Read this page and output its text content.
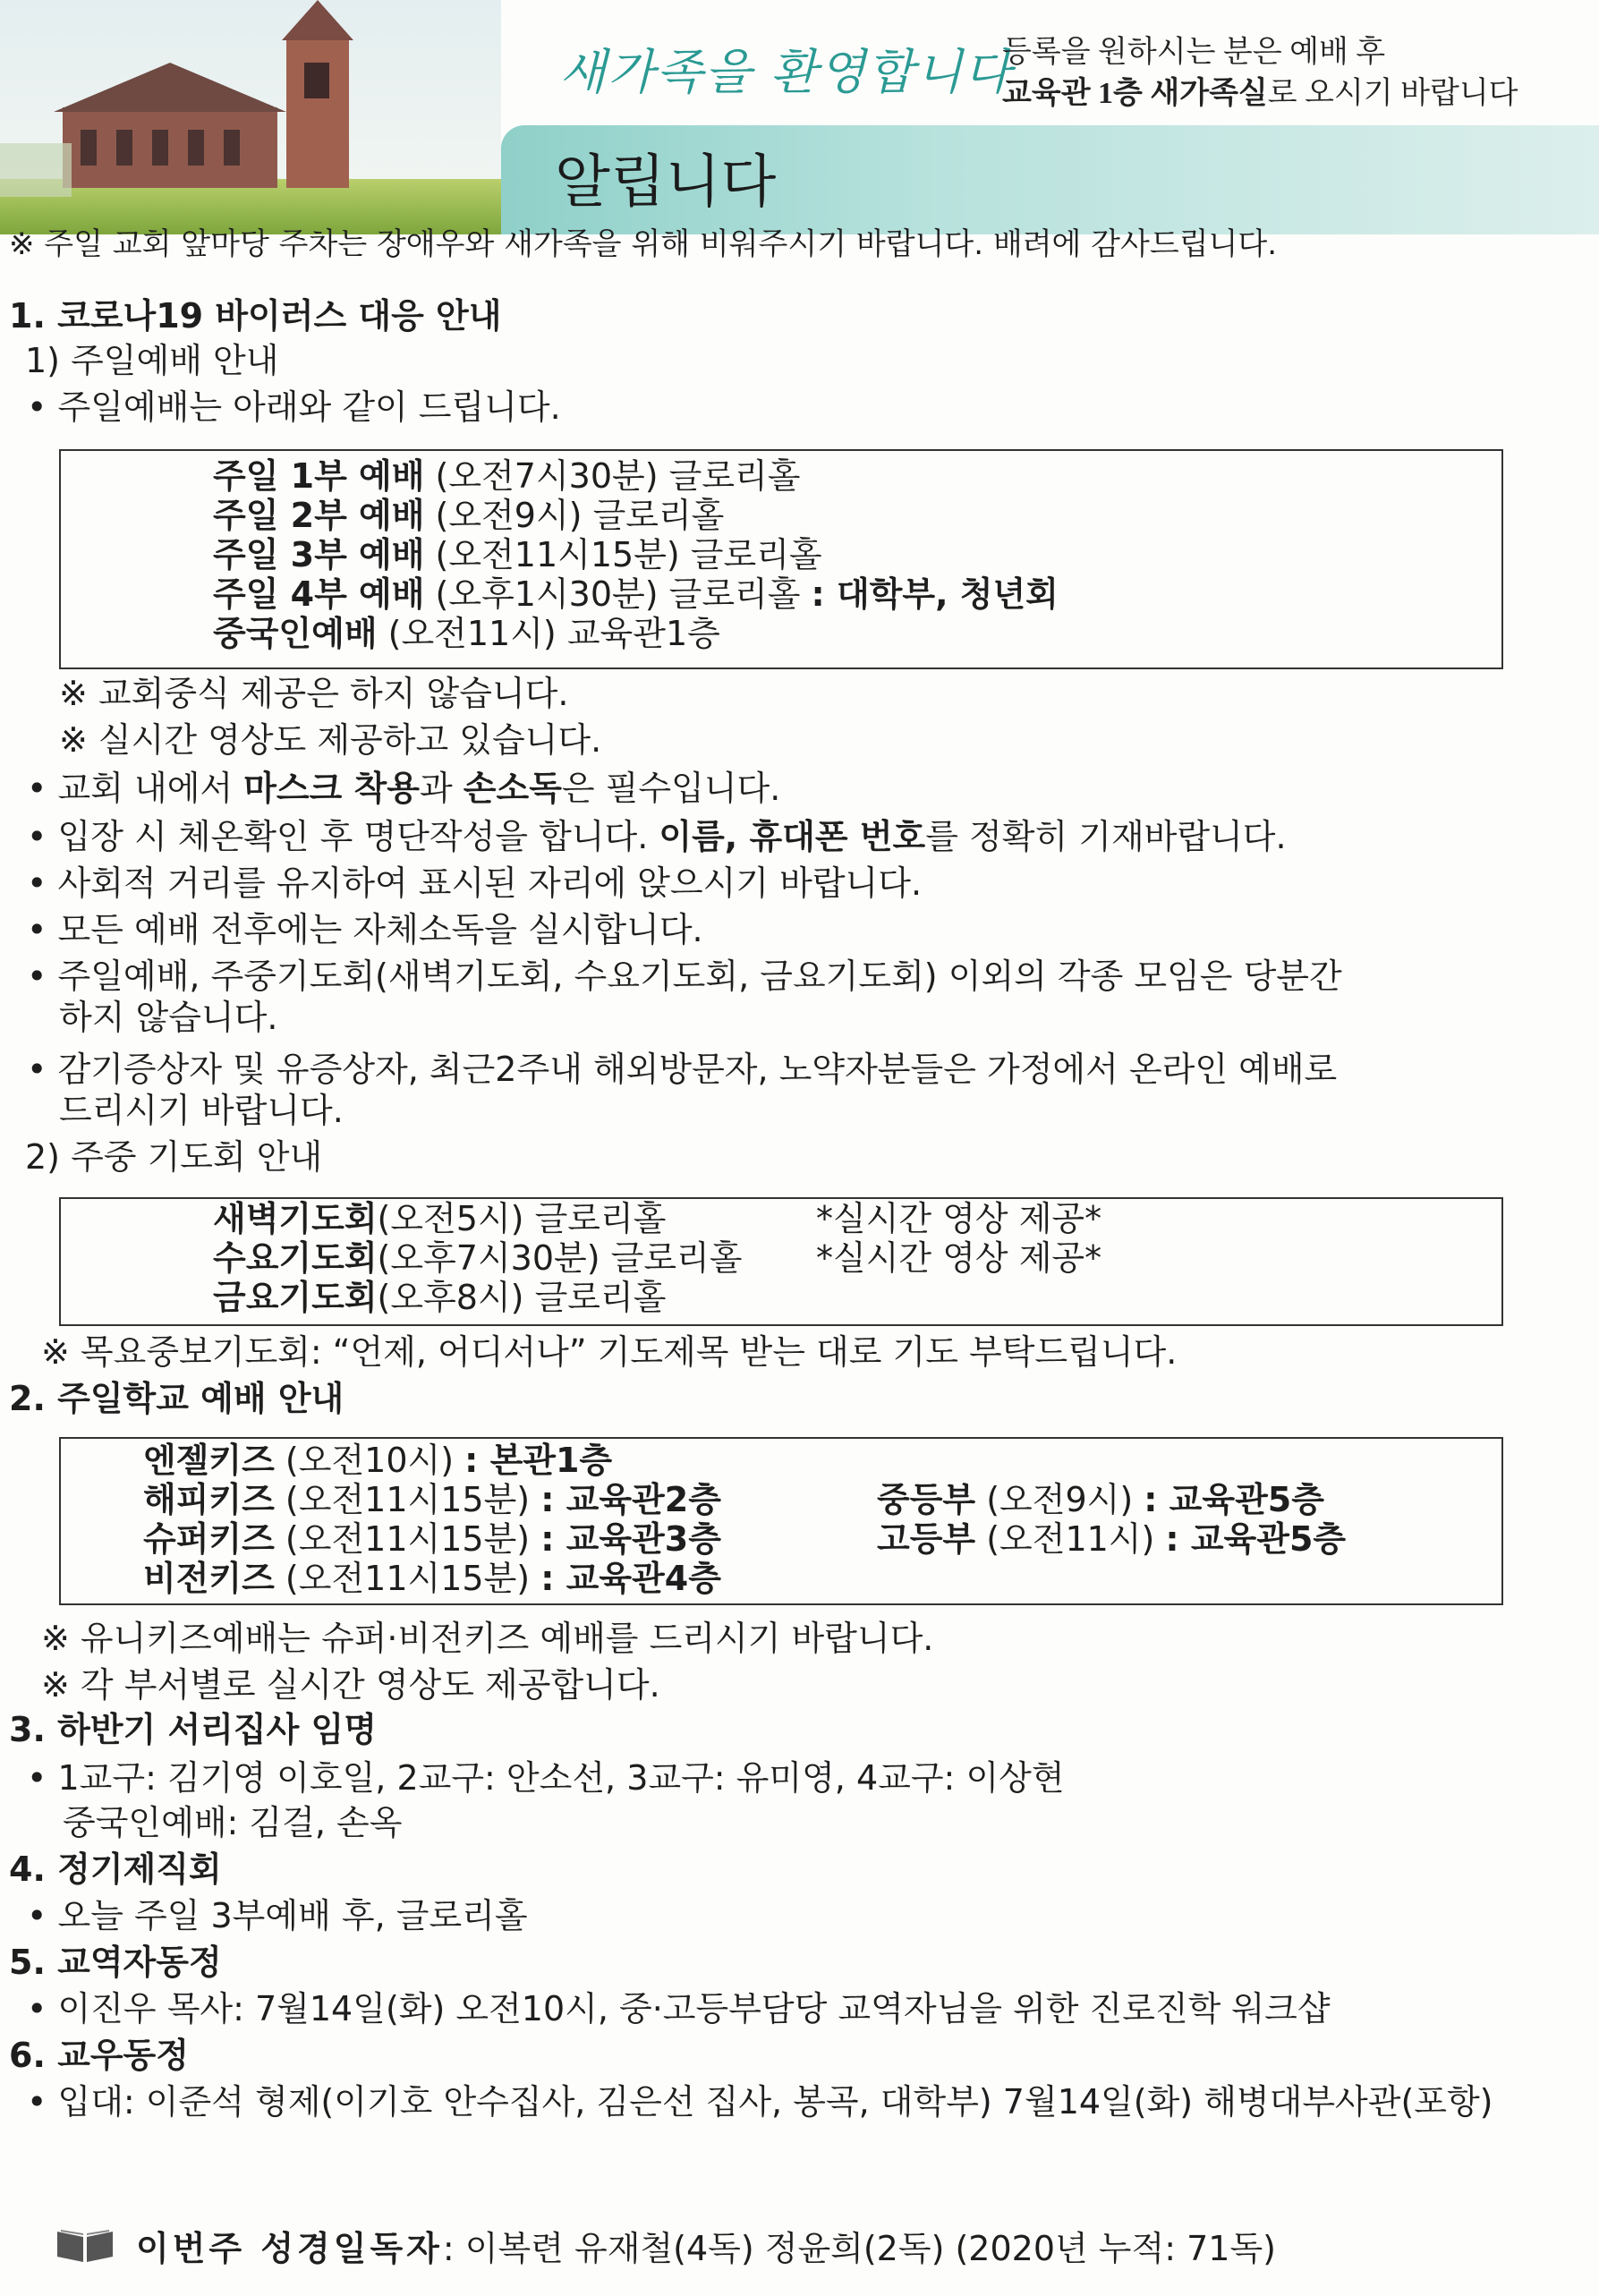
새가족을 환영합니다
등록을 원하시는 분은 예배 후
교육관 1층 새가족실로 오시기 바랍니다
알립니다
※ 주일 교회 앞마당 주차는 장애우와 새가족을 위해 비워주시기 바랍니다. 배려에 감사드립니다.
1. 코로나19 바이러스 대응 안내
1) 주일예배 안내
• 주일예배는 아래와 같이 드립니다.
주일 1부 예배 (오전7시30분) 글로리홀
주일 2부 예배 (오전9시) 글로리홀
주일 3부 예배 (오전11시15분) 글로리홀
주일 4부 예배 (오후1시30분) 글로리홀 : 대학부, 청년회
중국인예배 (오전11시) 교육관1층
※ 교회중식 제공은 하지 않습니다.
※ 실시간 영상도 제공하고 있습니다.
• 교회 내에서 마스크 착용과 손소독은 필수입니다.
• 입장 시 체온확인 후 명단작성을 합니다. 이름, 휴대폰 번호를 정확히 기재바랍니다.
• 사회적 거리를 유지하여 표시된 자리에 앉으시기 바랍니다.
• 모든 예배 전후에는 자체소독을 실시합니다.
• 주일예배, 주중기도회(새벽기도회, 수요기도회, 금요기도회) 이외의 각종 모임은 당분간
하지 않습니다.
• 감기증상자 및 유증상자, 최근2주내 해외방문자, 노약자분들은 가정에서 온라인 예배로
드리시기 바랍니다.
2) 주중 기도회 안내
새벽기도회(오전5시) 글로리홀	*실시간 영상 제공*
수요기도회(오후7시30분) 글로리홀 *실시간 영상 제공*
금요기도회(오후8시) 글로리홀
※ 목요중보기도회: “언제, 어디서나” 기도제목 받는 대로 기도 부탁드립니다.
2. 주일학교 예배 안내
엔젤키즈 (오전10시) : 본관1층
해피키즈 (오전11시15분) : 교육관2층
슈퍼키즈 (오전11시15분) : 교육관3층
비전키즈 (오전11시15분) : 교육관4층
중등부 (오전9시) : 교육관5층
고등부 (오전11시) : 교육관5층
※ 유니키즈예배는 슈퍼·비전키즈 예배를 드리시기 바랍니다.
※ 각 부서별로 실시간 영상도 제공합니다.
3. 하반기 서리집사 임명
• 1교구: 김기영 이호일, 2교구: 안소선, 3교구: 유미영, 4교구: 이상현
중국인예배: 김걸, 손옥
4. 정기제직회
• 오늘 주일 3부예배 후, 글로리홀
5. 교역자동정
• 이진우 목사: 7월14일(화) 오전10시, 중·고등부담당 교역자님을 위한 진로진학 워크샵
6. 교우동정
• 입대: 이준석 형제(이기호 안수집사, 김은선 집사, 봉곡, 대학부) 7월14일(화) 해병대부사관(포항)
이번주 성경일독자: 이복련 유재철(4독) 정윤희(2독) (2020년 누적: 71독)
